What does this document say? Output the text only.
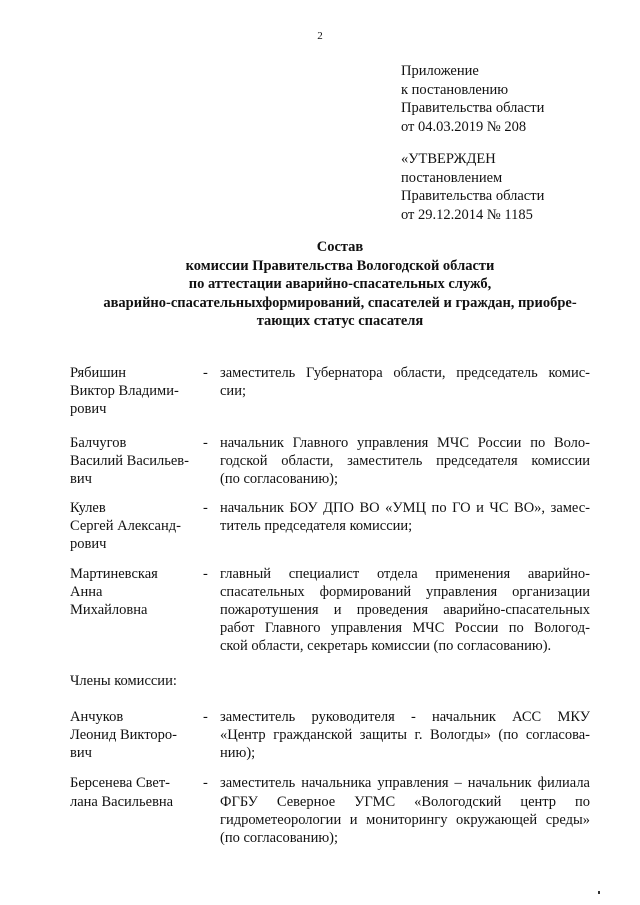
2
Приложение
к постановлению
Правительства области
от 04.03.2019 № 208
«УТВЕРЖДЕН
постановлением
Правительства области
от 29.12.2014 № 1185
Состав
комиссии Правительства Вологодской области
по аттестации аварийно-спасательных служб,
аварийно-спасательныхформирований, спасателей и граждан, приобре-
тающих статус спасателя
Рябишин
Виктор Владими-
рович
- заместитель Губернатора области, председатель комис-
сии;
Балчугов
Василий Васильев-
вич
- начальник Главного управления МЧС России по Воло-
годской области, заместитель председателя комиссии
(по согласованию);
Кулев
Сергей Александ-
рович
- начальник БОУ ДПО ВО «УМЦ по ГО и ЧС ВО», замес-
титель председателя комиссии;
Мартиневская
Анна
Михайловна
- главный специалист отдела применения аварийно-
спасательных формирований управления организации
пожаротушения и проведения аварийно-спасательных
работ Главного управления МЧС России по Вологод-
ской области, секретарь комиссии (по согласованию).
Члены комиссии:
Анчуков
Леонид Викторо-
вич
- заместитель руководителя - начальник АСС МКУ
«Центр гражданской защиты г. Вологды» (по согласова-
нию);
Берсенева Свет-
лана Васильевна
- заместитель начальника управления – начальник филиала
ФГБУ Северное УГМС «Вологодский центр по
гидрометеорологии и мониторингу окружающей среды»
(по согласованию);
